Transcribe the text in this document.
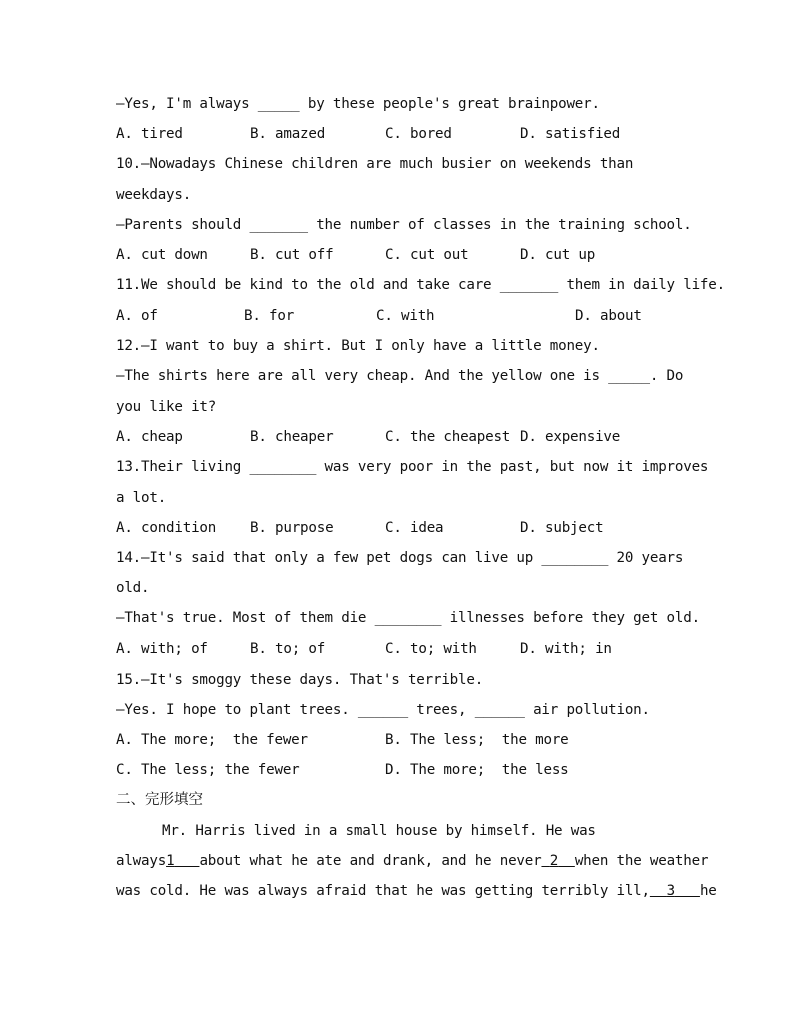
—Yes, I'm always _____ by these people's great brainpower.
A. tired	B. amazed	C. bored	D. satisfied
10.—Nowadays Chinese children are much busier on weekends than
weekdays.
—Parents should _______ the number of classes in the training school.
A. cut down	B. cut off	C. cut out	D. cut up
11.We should be kind to the old and take care _______ them in daily life.
A. of	B. for	C. with	D. about
12.—I want to buy a shirt. But I only have a little money.
—The shirts here are all very cheap. And the yellow one is _____. Do
you like it?
A. cheap	B. cheaper	C. the cheapest D. expensive
13.Their living ________ was very poor in the past, but now it improves
a lot.
A. condition B. purpose	C. idea	D. subject
14.—It's said that only a few pet dogs can live up ________ 20 years
old.
—That's true. Most of them die ________ illnesses before they get old.
A. with; of	B. to; of	C. to; with	D. with; in
15.—It's smoggy these days. That's terrible.
—Yes. I hope to plant trees. ______ trees, ______ air pollution.
A. The more;  the fewer	B. The less;  the more
C. The less; the fewer	D. The more;  the less
二、完形填空
Mr. Harris lived in a small house by himself. He was
always1 about what he ate and drank, and he never 2 when the weather
was cold. He was always afraid that he was getting terribly ill, 3 he
